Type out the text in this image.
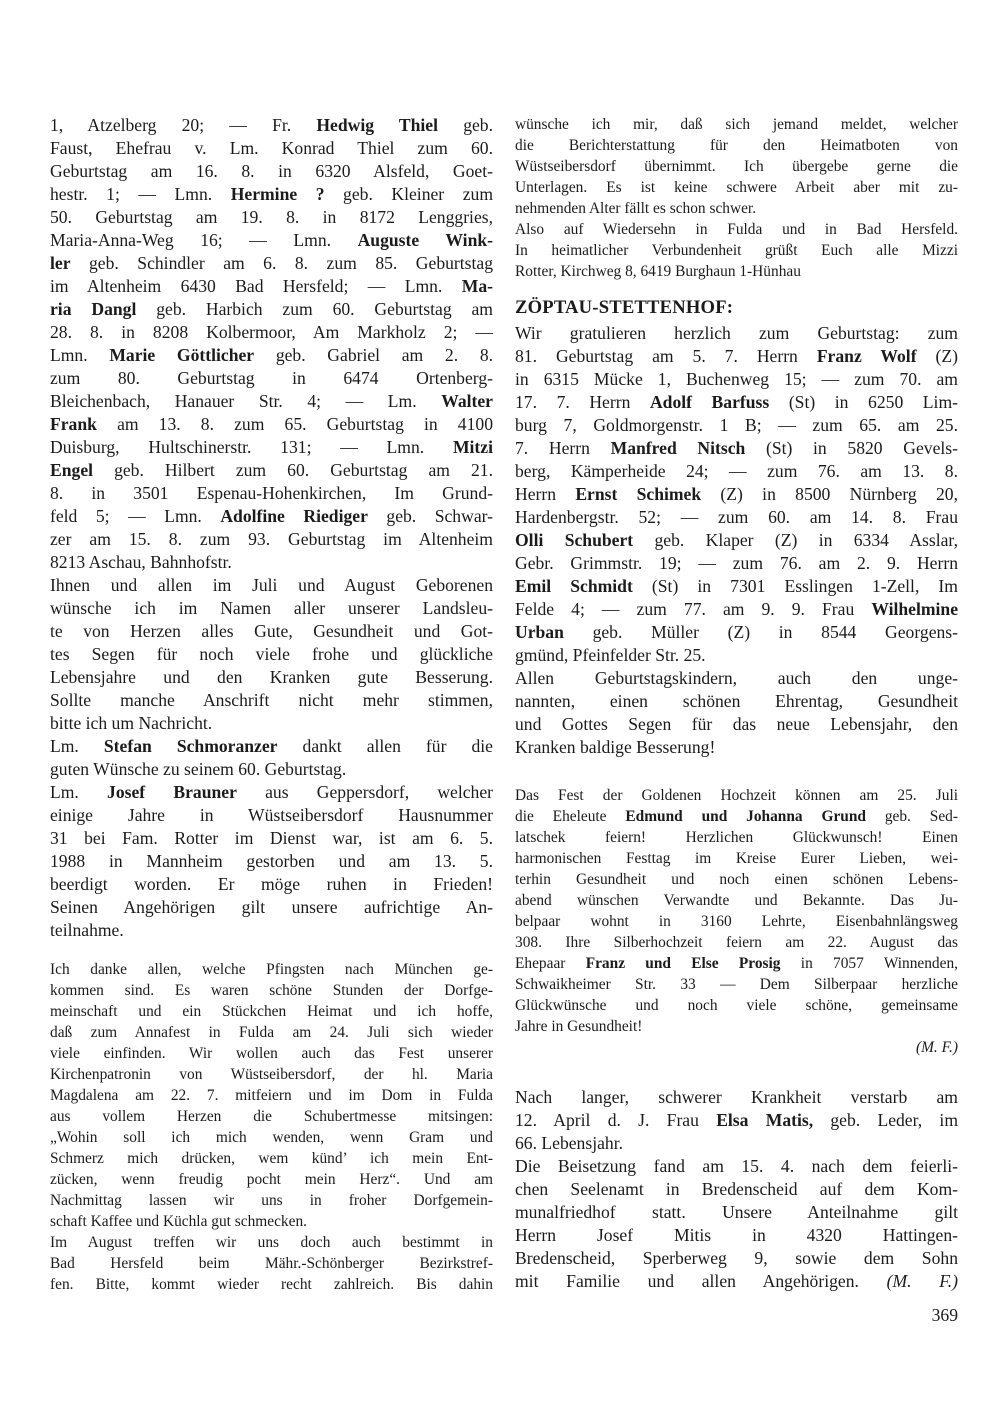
1, Atzelberg 20; — Fr. Hedwig Thiel geb.
Faust, Ehefrau v. Lm. Konrad Thiel zum 60.
Geburtstag am 16. 8. in 6320 Alsfeld, Goet-
hestr. 1; — Lmn. Hermine ? geb. Kleiner zum
50. Geburtstag am 19. 8. in 8172 Lenggries,
Maria-Anna-Weg 16; — Lmn. Auguste Wink-
ler geb. Schindler am 6. 8. zum 85. Geburtstag
im Altenheim 6430 Bad Hersfeld; — Lmn. Ma-
ria Dangl geb. Harbich zum 60. Geburtstag am
28. 8. in 8208 Kolbermoor, Am Markholz 2; —
Lmn. Marie Göttlicher geb. Gabriel am 2. 8.
zum 80. Geburtstag in 6474 Ortenberg-
Bleichenbach, Hanauer Str. 4; — Lm. Walter
Frank am 13. 8. zum 65. Geburtstag in 4100
Duisburg, Hultschinerstr. 131; — Lmn. Mitzi
Engel geb. Hilbert zum 60. Geburtstag am 21.
8. in 3501 Espenau-Hohenkirchen, Im Grund-
feld 5; — Lmn. Adolfine Riediger geb. Schwar-
zer am 15. 8. zum 93. Geburtstag im Altenheim
8213 Aschau, Bahnhofstr.
Ihnen und allen im Juli und August Geborenen
wünsche ich im Namen aller unserer Landsleu-
te von Herzen alles Gute, Gesundheit und Got-
tes Segen für noch viele frohe und glückliche
Lebensjahre und den Kranken gute Besserung.
Sollte manche Anschrift nicht mehr stimmen,
bitte ich um Nachricht.
Lm. Stefan Schmoranzer dankt allen für die
guten Wünsche zu seinem 60. Geburtstag.
Lm. Josef Brauner aus Geppersdorf, welcher
einige Jahre in Wüstseibersdorf Hausnummer
31 bei Fam. Rotter im Dienst war, ist am 6. 5.
1988 in Mannheim gestorben und am 13. 5.
beerdigt worden. Er möge ruhen in Frieden!
Seinen Angehörigen gilt unsere aufrichtige An-
teilnahme.
Ich danke allen, welche Pfingsten nach München ge-
kommen sind. Es waren schöne Stunden der Dorfge-
meinschaft und ein Stückchen Heimat und ich hoffe,
daß zum Annafest in Fulda am 24. Juli sich wieder
viele einfinden. Wir wollen auch das Fest unserer
Kirchenpatronin von Wüstseibersdorf, der hl. Maria
Magdalena am 22. 7. mitfeiern und im Dom in Fulda
aus vollem Herzen die Schubertmesse mitsingen:
„Wohin soll ich mich wenden, wenn Gram und
Schmerz mich drücken, wem künd’ ich mein Ent-
zücken, wenn freudig pocht mein Herz“. Und am
Nachmittag lassen wir uns in froher Dorfgemein-
schaft Kaffee und Küchla gut schmecken.
Im August treffen wir uns doch auch bestimmt in
Bad Hersfeld beim Mähr.-Schönberger Bezirkstref-
fen. Bitte, kommt wieder recht zahlreich. Bis dahin
wünsche ich mir, daß sich jemand meldet, welcher
die Berichterstattung für den Heimatboten von
Wüstseibersdorf übernimmt. Ich übergebe gerne die
Unterlagen. Es ist keine schwere Arbeit aber mit zu-
nehmenden Alter fällt es schon schwer.
Also auf Wiedersehn in Fulda und in Bad Hersfeld.
In heimatlicher Verbundenheit grüßt Euch alle Mizzi
Rotter, Kirchweg 8, 6419 Burghaun 1-Hünhau
ZÖPTAU-STETTENHOF:
Wir gratulieren herzlich zum Geburtstag: zum
81. Geburtstag am 5. 7. Herrn Franz Wolf (Z)
in 6315 Mücke 1, Buchenweg 15; — zum 70. am
17. 7. Herrn Adolf Barfuss (St) in 6250 Lim-
burg 7, Goldmorgenstr. 1 B; — zum 65. am 25.
7. Herrn Manfred Nitsch (St) in 5820 Gevels-
berg, Kämperheide 24; — zum 76. am 13. 8.
Herrn Ernst Schimek (Z) in 8500 Nürnberg 20,
Hardenbergstr. 52; — zum 60. am 14. 8. Frau
Olli Schubert geb. Klaper (Z) in 6334 Asslar,
Gebr. Grimmstr. 19; — zum 76. am 2. 9. Herrn
Emil Schmidt (St) in 7301 Esslingen 1-Zell, Im
Felde 4; — zum 77. am 9. 9. Frau Wilhelmine
Urban geb. Müller (Z) in 8544 Georgens-
gmünd, Pfeinfelder Str. 25.
Allen Geburtstagskindern, auch den unge-
nannten, einen schönen Ehrentag, Gesundheit
und Gottes Segen für das neue Lebensjahr, den
Kranken baldige Besserung!
Das Fest der Goldenen Hochzeit können am 25. Juli
die Eheleute Edmund und Johanna Grund geb. Sed-
latschek feiern! Herzlichen Glückwunsch! Einen
harmonischen Festtag im Kreise Eurer Lieben, wei-
terhin Gesundheit und noch einen schönen Lebens-
abend wünschen Verwandte und Bekannte. Das Ju-
belpaar wohnt in 3160 Lehrte, Eisenbahnlängsweg
308. Ihre Silberhochzeit feiern am 22. August das
Ehepaar Franz und Else Prosig in 7057 Winnenden,
Schwaikheimer Str. 33 — Dem Silberpaar herzliche
Glückwünsche und noch viele schöne, gemeinsame
Jahre in Gesundheit!
(M. F.)
Nach langer, schwerer Krankheit verstarb am
12. April d. J. Frau Elsa Matis, geb. Leder, im
66. Lebensjahr.
Die Beisetzung fand am 15. 4. nach dem feierli-
chen Seelenamt in Bredenscheid auf dem Kom-
munalfriedhof statt. Unsere Anteilnahme gilt
Herrn Josef Mitis in 4320 Hattingen-
Bredenscheid, Sperberweg 9, sowie dem Sohn
mit Familie und allen Angehörigen. (M. F.)
369
